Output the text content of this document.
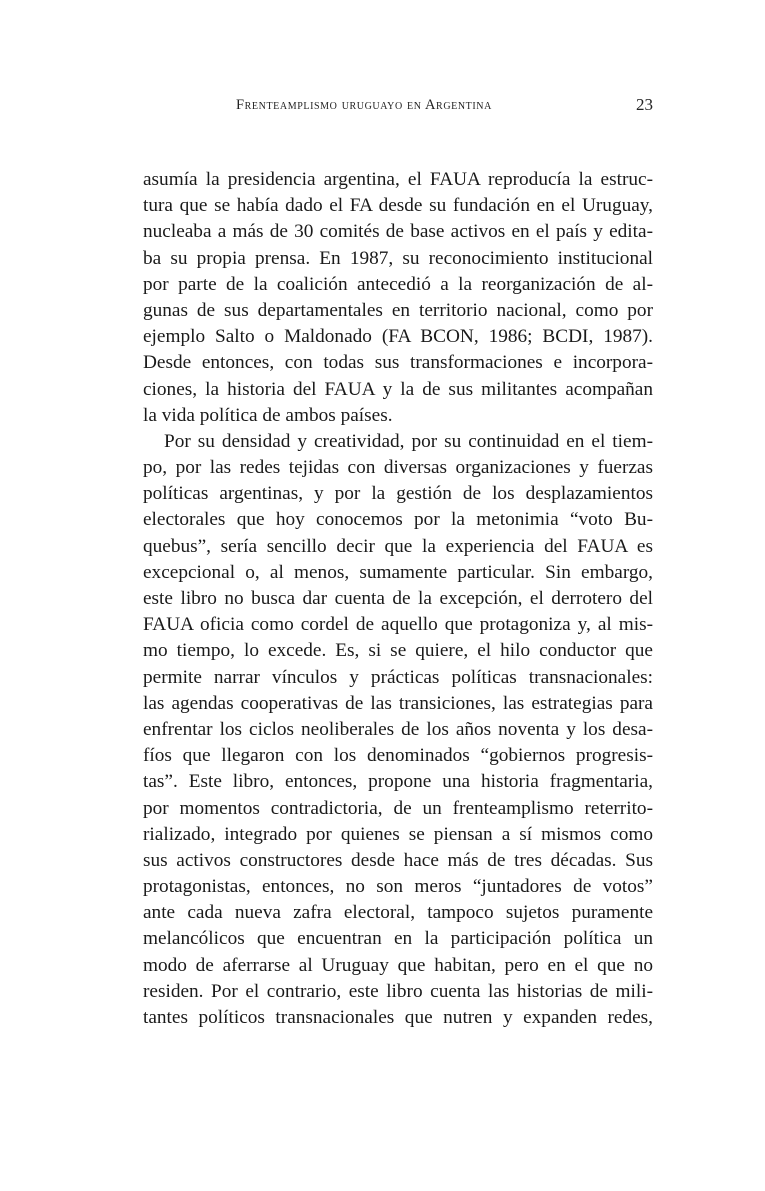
Frenteamplismo uruguayo en Argentina	23
asumía la presidencia argentina, el FAUA reproducía la estruc-
tura que se había dado el FA desde su fundación en el Uruguay,
nucleaba a más de 30 comités de base activos en el país y edita-
ba su propia prensa. En 1987, su reconocimiento institucional
por parte de la coalición antecedió a la reorganización de al-
gunas de sus departamentales en territorio nacional, como por
ejemplo Salto o Maldonado (FA BCON, 1986; BCDI, 1987).
Desde entonces, con todas sus transformaciones e incorpora-
ciones, la historia del FAUA y la de sus militantes acompañan
la vida política de ambos países.
Por su densidad y creatividad, por su continuidad en el tiem-
po, por las redes tejidas con diversas organizaciones y fuerzas
políticas argentinas, y por la gestión de los desplazamientos
electorales que hoy conocemos por la metonimia “voto Bu-
quebus”, sería sencillo decir que la experiencia del FAUA es
excepcional o, al menos, sumamente particular. Sin embargo,
este libro no busca dar cuenta de la excepción, el derrotero del
FAUA oficia como cordel de aquello que protagoniza y, al mis-
mo tiempo, lo excede. Es, si se quiere, el hilo conductor que
permite narrar vínculos y prácticas políticas transnacionales:
las agendas cooperativas de las transiciones, las estrategias para
enfrentar los ciclos neoliberales de los años noventa y los desa-
fíos que llegaron con los denominados “gobiernos progresis-
tas”. Este libro, entonces, propone una historia fragmentaria,
por momentos contradictoria, de un frenteamplismo reterrito-
rializado, integrado por quienes se piensan a sí mismos como
sus activos constructores desde hace más de tres décadas. Sus
protagonistas, entonces, no son meros “juntadores de votos”
ante cada nueva zafra electoral, tampoco sujetos puramente
melancólicos que encuentran en la participación política un
modo de aferrarse al Uruguay que habitan, pero en el que no
residen. Por el contrario, este libro cuenta las historias de mili-
tantes políticos transnacionales que nutren y expanden redes,
